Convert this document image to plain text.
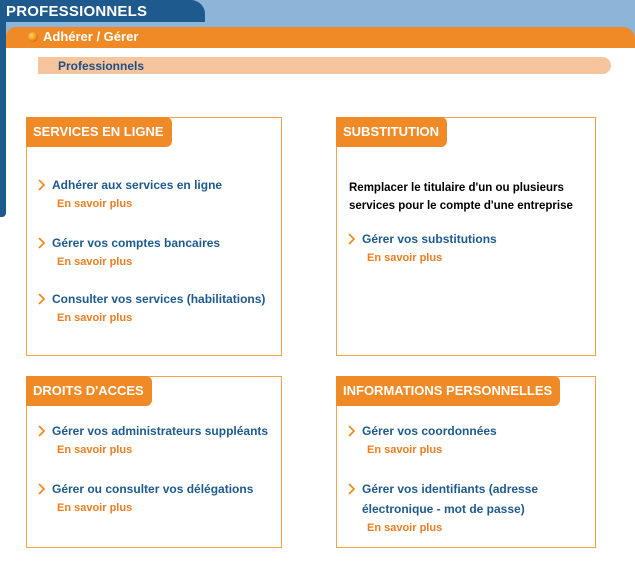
PROFESSIONNELS
Adhérer / Gérer
Professionnels
SERVICES EN LIGNE
Adhérer aux services en ligne
En savoir plus
Gérer vos comptes bancaires
En savoir plus
Consulter vos services (habilitations)
En savoir plus
SUBSTITUTION
Remplacer le titulaire d'un ou plusieurs services pour le compte d'une entreprise
Gérer vos substitutions
En savoir plus
DROITS D'ACCES
Gérer vos administrateurs suppléants
En savoir plus
Gérer ou consulter vos délégations
En savoir plus
INFORMATIONS PERSONNELLES
Gérer vos coordonnées
En savoir plus
Gérer vos identifiants (adresse électronique - mot de passe)
En savoir plus
